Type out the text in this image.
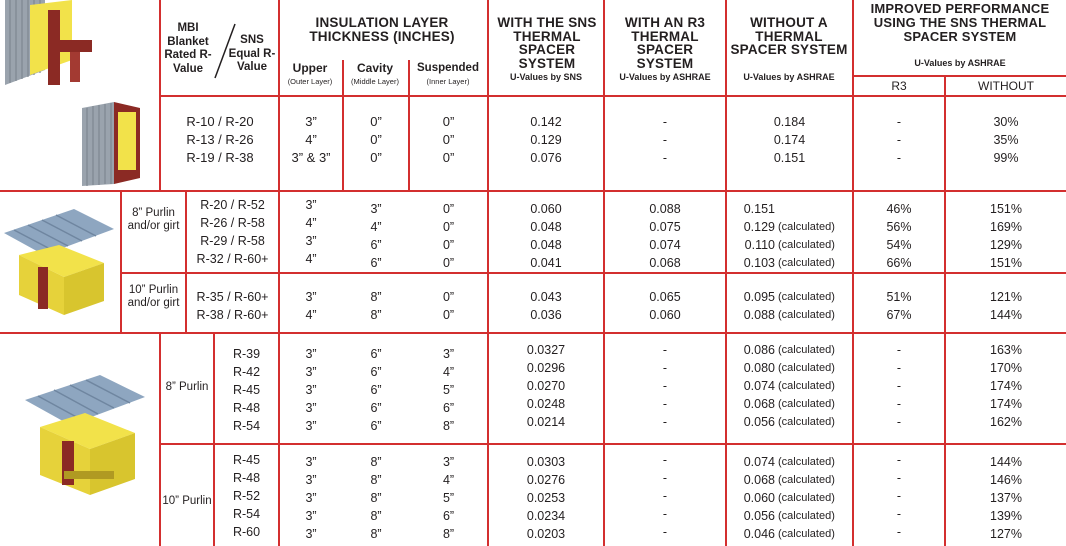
MBI Blanket Rated R-Value
SNS Equal R-Value
INSULATION LAYER THICKNESS (INCHES)
Upper
(Outer Layer)
Cavity
(Middle Layer)
Suspended
(Inner Layer)
WITH THE SNS THERMAL SPACER SYSTEM
U-Values by SNS
WITH AN R3 THERMAL SPACER SYSTEM
U-Values by ASHRAE
WITHOUT A THERMAL SPACER SYSTEM
U-Values by ASHRAE
IMPROVED PERFORMANCE USING THE SNS THERMAL SPACER SYSTEM
U-Values by ASHRAE
R3	WITHOUT
R-10 / R-20
R-13 / R-26
R-19 / R-38
3”
4”
3” & 3”
0”
0”
0”
0”
0”
0”
0.142
0.129
0.076
-
-
-
0.184
0.174
0.151
-
-
-
30%
35%
99%
8” Purlin and/or girt
R-20 / R-52
R-26 / R-58
R-29 / R-58
R-32 / R-60+
3”
4”
3”
4”
3”
4”
6”
6”
0”
0”
0”
0”
0.060
0.048
0.048
0.041
0.088
0.075
0.074
0.068
0.151
0.129
0.110
0.103

(calculated)
(calculated)
(calculated)
46%
56%
54%
66%
151%
169%
129%
151%
10” Purlin and/or girt	R-35 / R-60+
R-38 / R-60+
3”
4”
8”
8”
0”
0”
0.043
0.036
0.065
0.060
0.095
0.088
(calculated)
(calculated)
51%
67%
121%
144%
8” Purlin
R-39
R-42
R-45
R-48
R-54
3”
3”
3”
3”
3”
6”
6”
6”
6”
6”
3”
4”
5”
6”
8”
0.0327
0.0296
0.0270
0.0248
0.0214
-
-
-
-
-
0.086
0.080
0.074
0.068
0.056
(calculated)
(calculated)
(calculated)
(calculated)
(calculated)
-
-
-
-
-
163%
170%
174%
174%
162%
10” Purlin
R-45
R-48
R-52
R-54
R-60
3”
3”
3”
3”
3”
8”
8”
8”
8”
8”
3”
4”
5”
6”
8”
0.0303
0.0276
0.0253
0.0234
0.0203
-
-
-
-
-
0.074
0.068
0.060
0.056
0.046
(calculated)
(calculated)
(calculated)
(calculated)
(calculated)
-
-
-
-
-
144%
146%
137%
139%
127%
